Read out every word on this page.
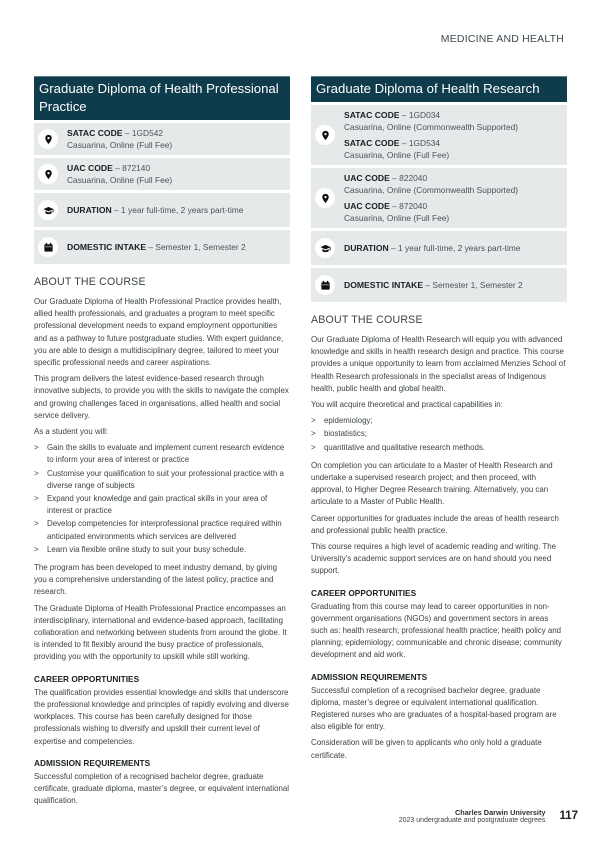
MEDICINE AND HEALTH
Graduate Diploma of Health Professional Practice
SATAC CODE – 1GD542
Casuarina, Online (Full Fee)
UAC CODE – 872140
Casuarina, Online (Full Fee)
DURATION – 1 year full-time, 2 years part-time
DOMESTIC INTAKE – Semester 1, Semester 2
ABOUT THE COURSE

Our Graduate Diploma of Health Professional Practice provides health, allied health professionals, and graduates a program to meet specific professional development needs to expand employment opportunities and as a pathway to future postgraduate studies. With expert guidance, you are able to design a multidisciplinary degree, tailored to meet your specific professional needs and career aspirations.

This program delivers the latest evidence-based research through innovative subjects, to provide you with the skills to navigate the complex and growing challenges faced in organisations, allied health and social service delivery.

As a student you will:

> Gain the skills to evaluate and implement current research evidence to inform your area of interest or practice
> Customise your qualification to suit your professional practice with a diverse range of subjects
> Expand your knowledge and gain practical skills in your area of interest or practice
> Develop competencies for interprofessional practice required within anticipated environments which services are delivered
> Learn via flexible online study to suit your busy schedule.

The program has been developed to meet industry demand, by giving you a comprehensive understanding of the latest policy, practice and research.

The Graduate Diploma of Health Professional Practice encompasses an interdisciplinary, international and evidence-based approach, facilitating collaboration and networking between students from around the globe. It is intended to fit flexibly around the busy practice of professionals, providing you with the opportunity to upskill while still working.

CAREER OPPORTUNITIES

The qualification provides essential knowledge and skills that underscore the professional knowledge and principles of rapidly evolving and diverse workplaces. This course has been carefully designed for those professionals wishing to diversify and upskill their current level of expertise and competencies.

ADMISSION REQUIREMENTS

Successful completion of a recognised bachelor degree, graduate certificate, graduate diploma, master’s degree, or equivalent international qualification.

Graduate Diploma of Health Research
SATAC CODE – 1GD034
Casuarina, Online (Commonwealth Supported)
SATAC CODE – 1GD534
Casuarina, Online (Full Fee)
UAC CODE – 822040
Casuarina, Online (Commonwealth Supported)
UAC CODE – 872040
Casuarina, Online (Full Fee)
DURATION – 1 year full-time, 2 years part-time
DOMESTIC INTAKE – Semester 1, Semester 2
ABOUT THE COURSE

Our Graduate Diploma of Health Research will equip you with advanced knowledge and skills in health research design and practice. This course provides a unique opportunity to learn from acclaimed Menzies School of Health Research professionals in the specialist areas of Indigenous health, public health and global health.

You will acquire theoretical and practical capabilities in:

> epidemiology;
> biostatistics;
> quantitative and qualitative research methods.

On completion you can articulate to a Master of Health Research and undertake a supervised research project; and then proceed, with approval, to Higher Degree Research training. Alternatively, you can articulate to a Master of Public Health.

Career opportunities for graduates include the areas of health research and professional public health practice.

This course requires a high level of academic reading and writing. The University’s academic support services are on hand should you need support.

CAREER OPPORTUNITIES

Graduating from this course may lead to career opportunities in non-government organisations (NGOs) and government sectors in areas such as: health research; professional health practice; health policy and planning; epidemiology; communicable and chronic disease; community development and aid work.

ADMISSION REQUIREMENTS

Successful completion of a recognised bachelor degree, graduate diploma, master’s degree or equivalent international qualification. Registered nurses who are graduates of a hospital-based program are also eligible for entry.

Consideration will be given to applicants who only hold a graduate certificate.

Charles Darwin University
2023 undergraduate and postgraduate degrees 117
